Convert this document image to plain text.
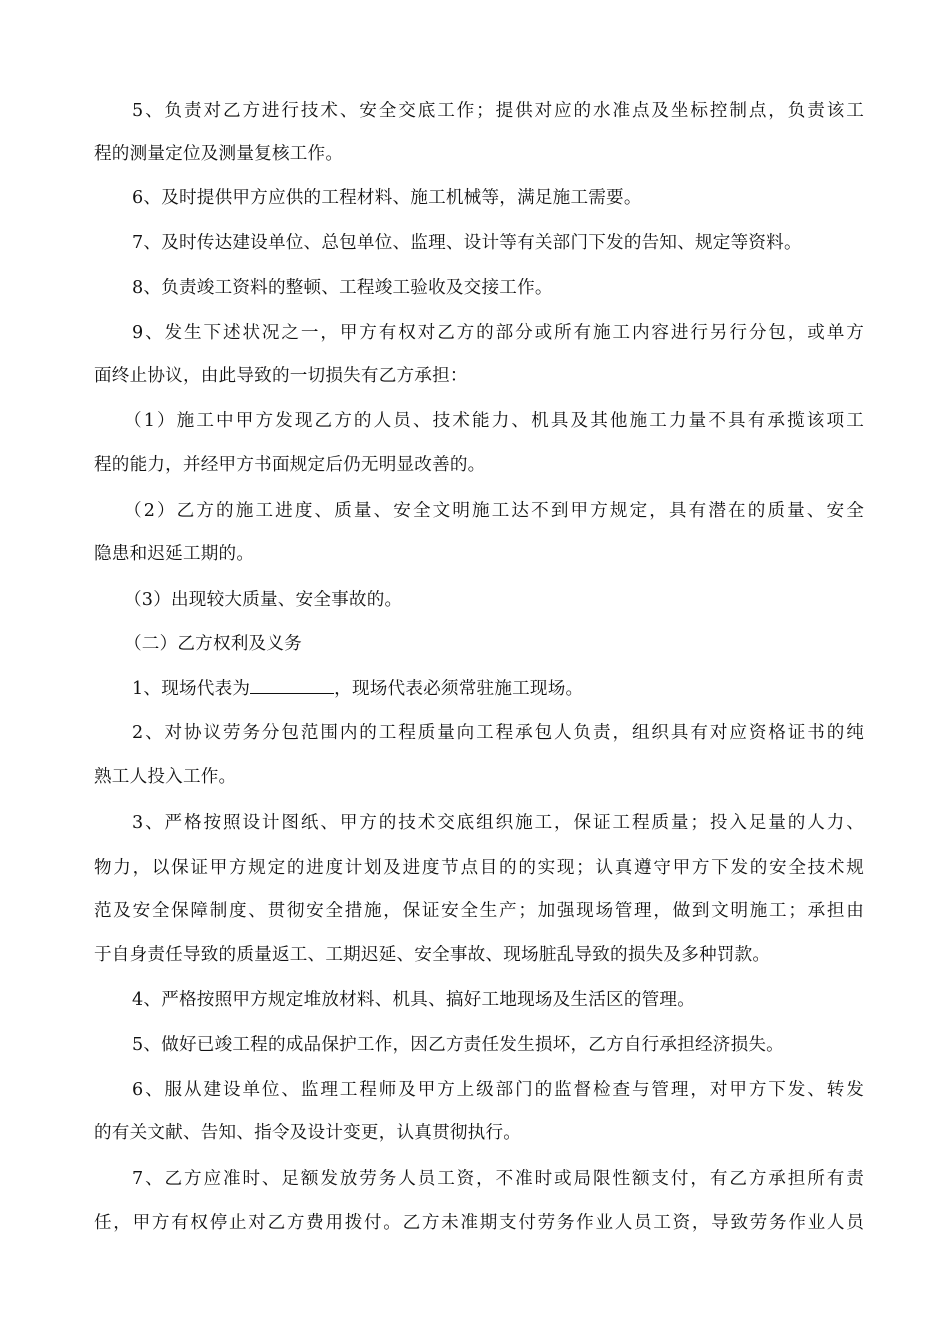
5、负责对乙方进行技术、安全交底工作；提供对应的水准点及坐标控制点，负责该工
程的测量定位及测量复核工作。
6、及时提供甲方应供的工程材料、施工机械等，满足施工需要。
7、及时传达建设单位、总包单位、监理、设计等有关部门下发的告知、规定等资料。
8、负责竣工资料的整顿、工程竣工验收及交接工作。
9、发生下述状况之一，甲方有权对乙方的部分或所有施工内容进行另行分包，或单方
面终止协议，由此导致的一切损失有乙方承担：
（1）施工中甲方发现乙方的人员、技术能力、机具及其他施工力量不具有承揽该项工
程的能力，并经甲方书面规定后仍无明显改善的。
（2）乙方的施工进度、质量、安全文明施工达不到甲方规定，具有潜在的质量、安全
隐患和迟延工期的。
（3）出现较大质量、安全事故的。
（二）乙方权利及义务
1、现场代表为	，现场代表必须常驻施工现场。
2、对协议劳务分包范围内的工程质量向工程承包人负责，组织具有对应资格证书的纯
熟工人投入工作。
3、严格按照设计图纸、甲方的技术交底组织施工，保证工程质量；投入足量的人力、
物力，以保证甲方规定的进度计划及进度节点目的的实现；认真遵守甲方下发的安全技术规
范及安全保障制度、贯彻安全措施，保证安全生产；加强现场管理，做到文明施工；承担由
于自身责任导致的质量返工、工期迟延、安全事故、现场脏乱导致的损失及多种罚款。
4、严格按照甲方规定堆放材料、机具、搞好工地现场及生活区的管理。
5、做好已竣工程的成品保护工作，因乙方责任发生损坏，乙方自行承担经济损失。
6、服从建设单位、监理工程师及甲方上级部门的监督检查与管理，对甲方下发、转发
的有关文献、告知、指令及设计变更，认真贯彻执行。
7、乙方应准时、足额发放劳务人员工资，不准时或局限性额支付，有乙方承担所有责
任，甲方有权停止对乙方费用拨付。乙方未准期支付劳务作业人员工资，导致劳务作业人员
